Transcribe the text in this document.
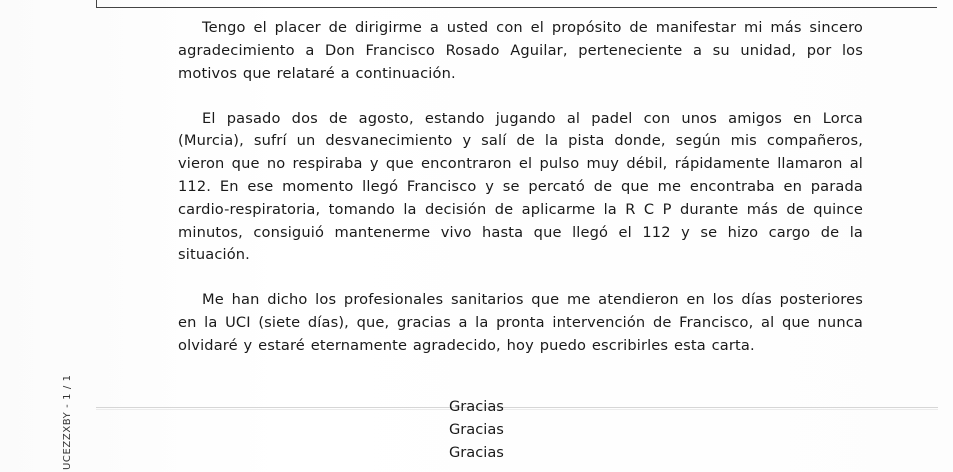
UCEZZXBY - 1 / 1

Tengo el placer de dirigirme a usted con el propósito de manifestar mi más sincero agradecimiento a Don Francisco Rosado Aguilar, perteneciente a su unidad, por los motivos que relataré a continuación.

El pasado dos de agosto, estando jugando al padel con unos amigos en Lorca (Murcia), sufrí un desvanecimiento y salí de la pista donde, según mis compañeros, vieron que no respiraba y que encontraron el pulso muy débil, rápidamente llamaron al 112. En ese momento llegó Francisco y se percató de que me encontraba en parada cardio-respiratoria, tomando la decisión de aplicarme la R C P durante más de quince minutos, consiguió mantenerme vivo hasta que llegó el 112 y se hizo cargo de la situación.

Me han dicho los profesionales sanitarios que me atendieron en los días posteriores en la UCI (siete días), que, gracias a la pronta intervención de Francisco, al que nunca olvidaré y estaré eternamente agradecido, hoy puedo escribirles esta carta.

Gracias
Gracias
Gracias
